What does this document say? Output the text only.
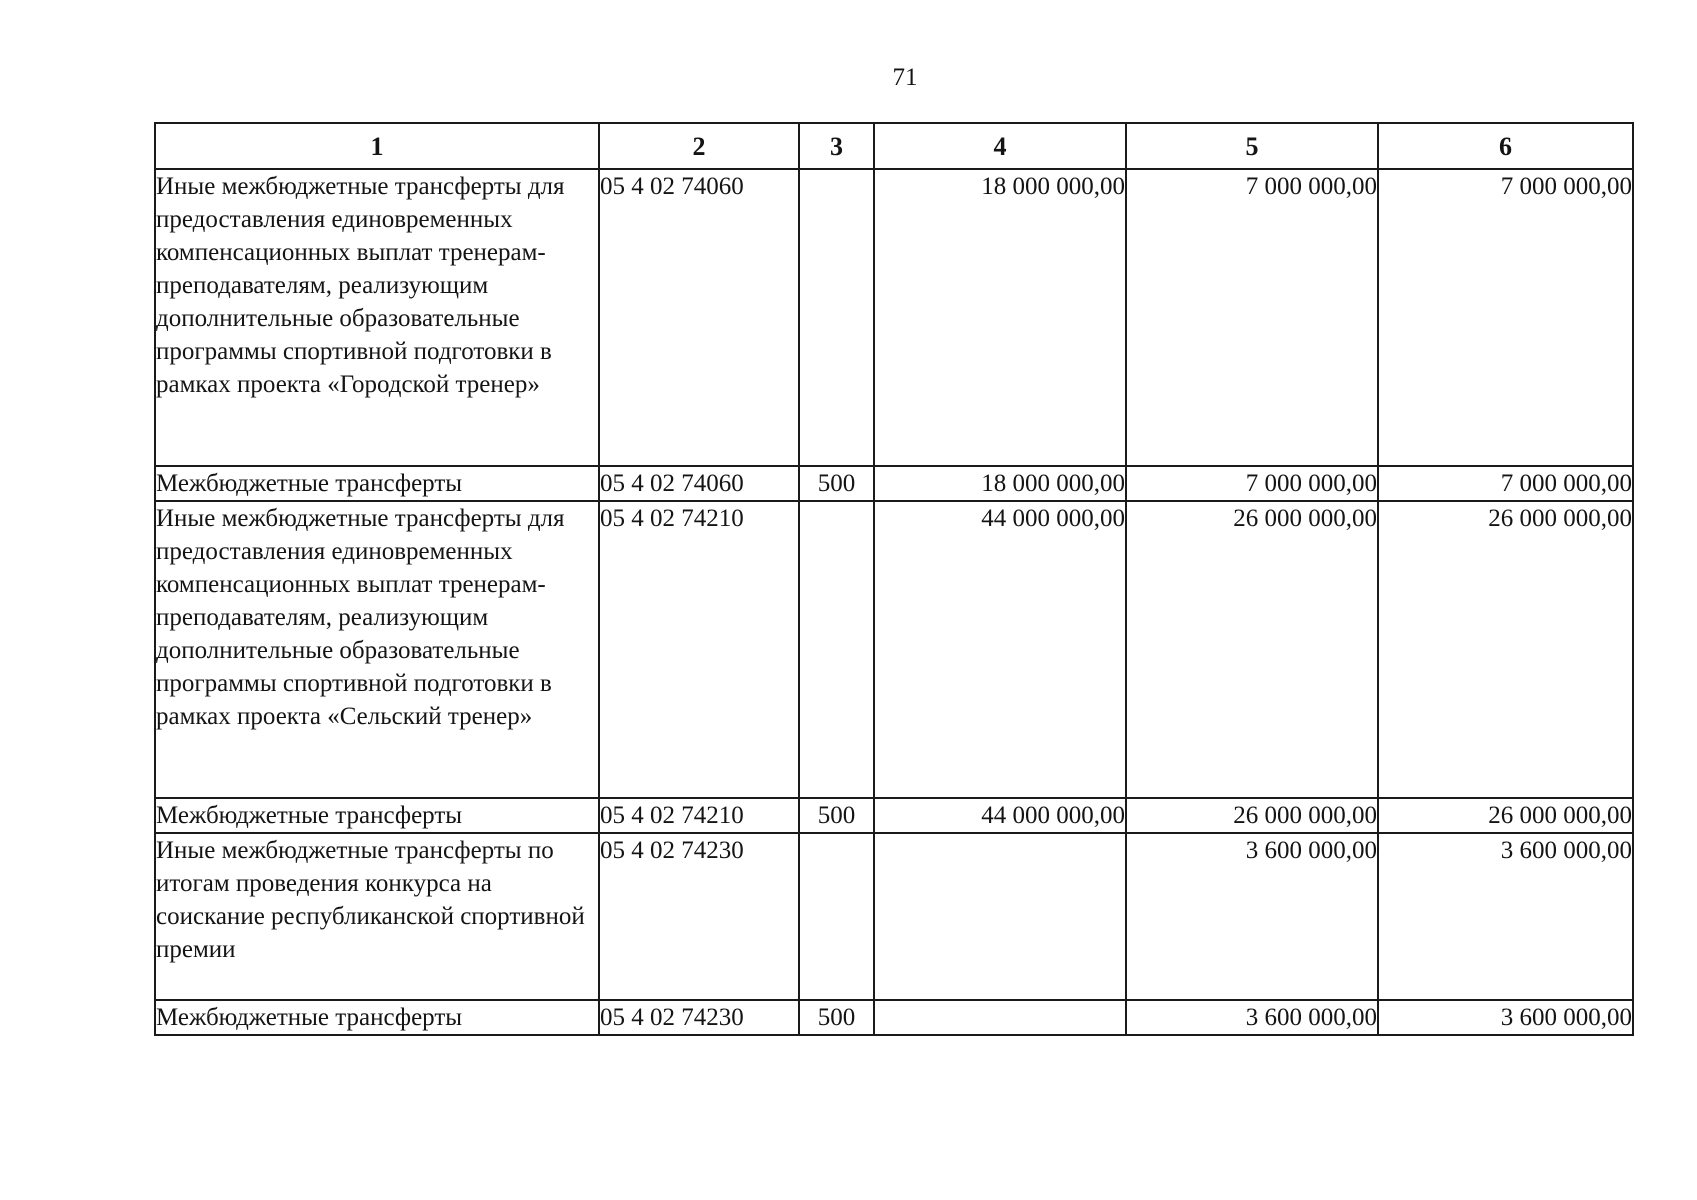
71
1	2	3	4	5	6
Иные межбюджетные трансферты для предоставления единовременных компенсационных выплат тренерам-преподавателям, реализующим дополнительные образовательные программы спортивной подготовки в рамках проекта «Городской тренер»	05 4 02 74060		18 000 000,00	7 000 000,00	7 000 000,00
Межбюджетные трансферты	05 4 02 74060	500	18 000 000,00	7 000 000,00	7 000 000,00
Иные межбюджетные трансферты для предоставления единовременных компенсационных выплат тренерам-преподавателям, реализующим дополнительные образовательные программы спортивной подготовки в рамках проекта «Сельский тренер»	05 4 02 74210		44 000 000,00	26 000 000,00	26 000 000,00
Межбюджетные трансферты	05 4 02 74210	500	44 000 000,00	26 000 000,00	26 000 000,00
Иные межбюджетные трансферты по итогам проведения конкурса на соискание республиканской спортивной премии	05 4 02 74230			3 600 000,00	3 600 000,00
Межбюджетные трансферты	05 4 02 74230	500		3 600 000,00	3 600 000,00
